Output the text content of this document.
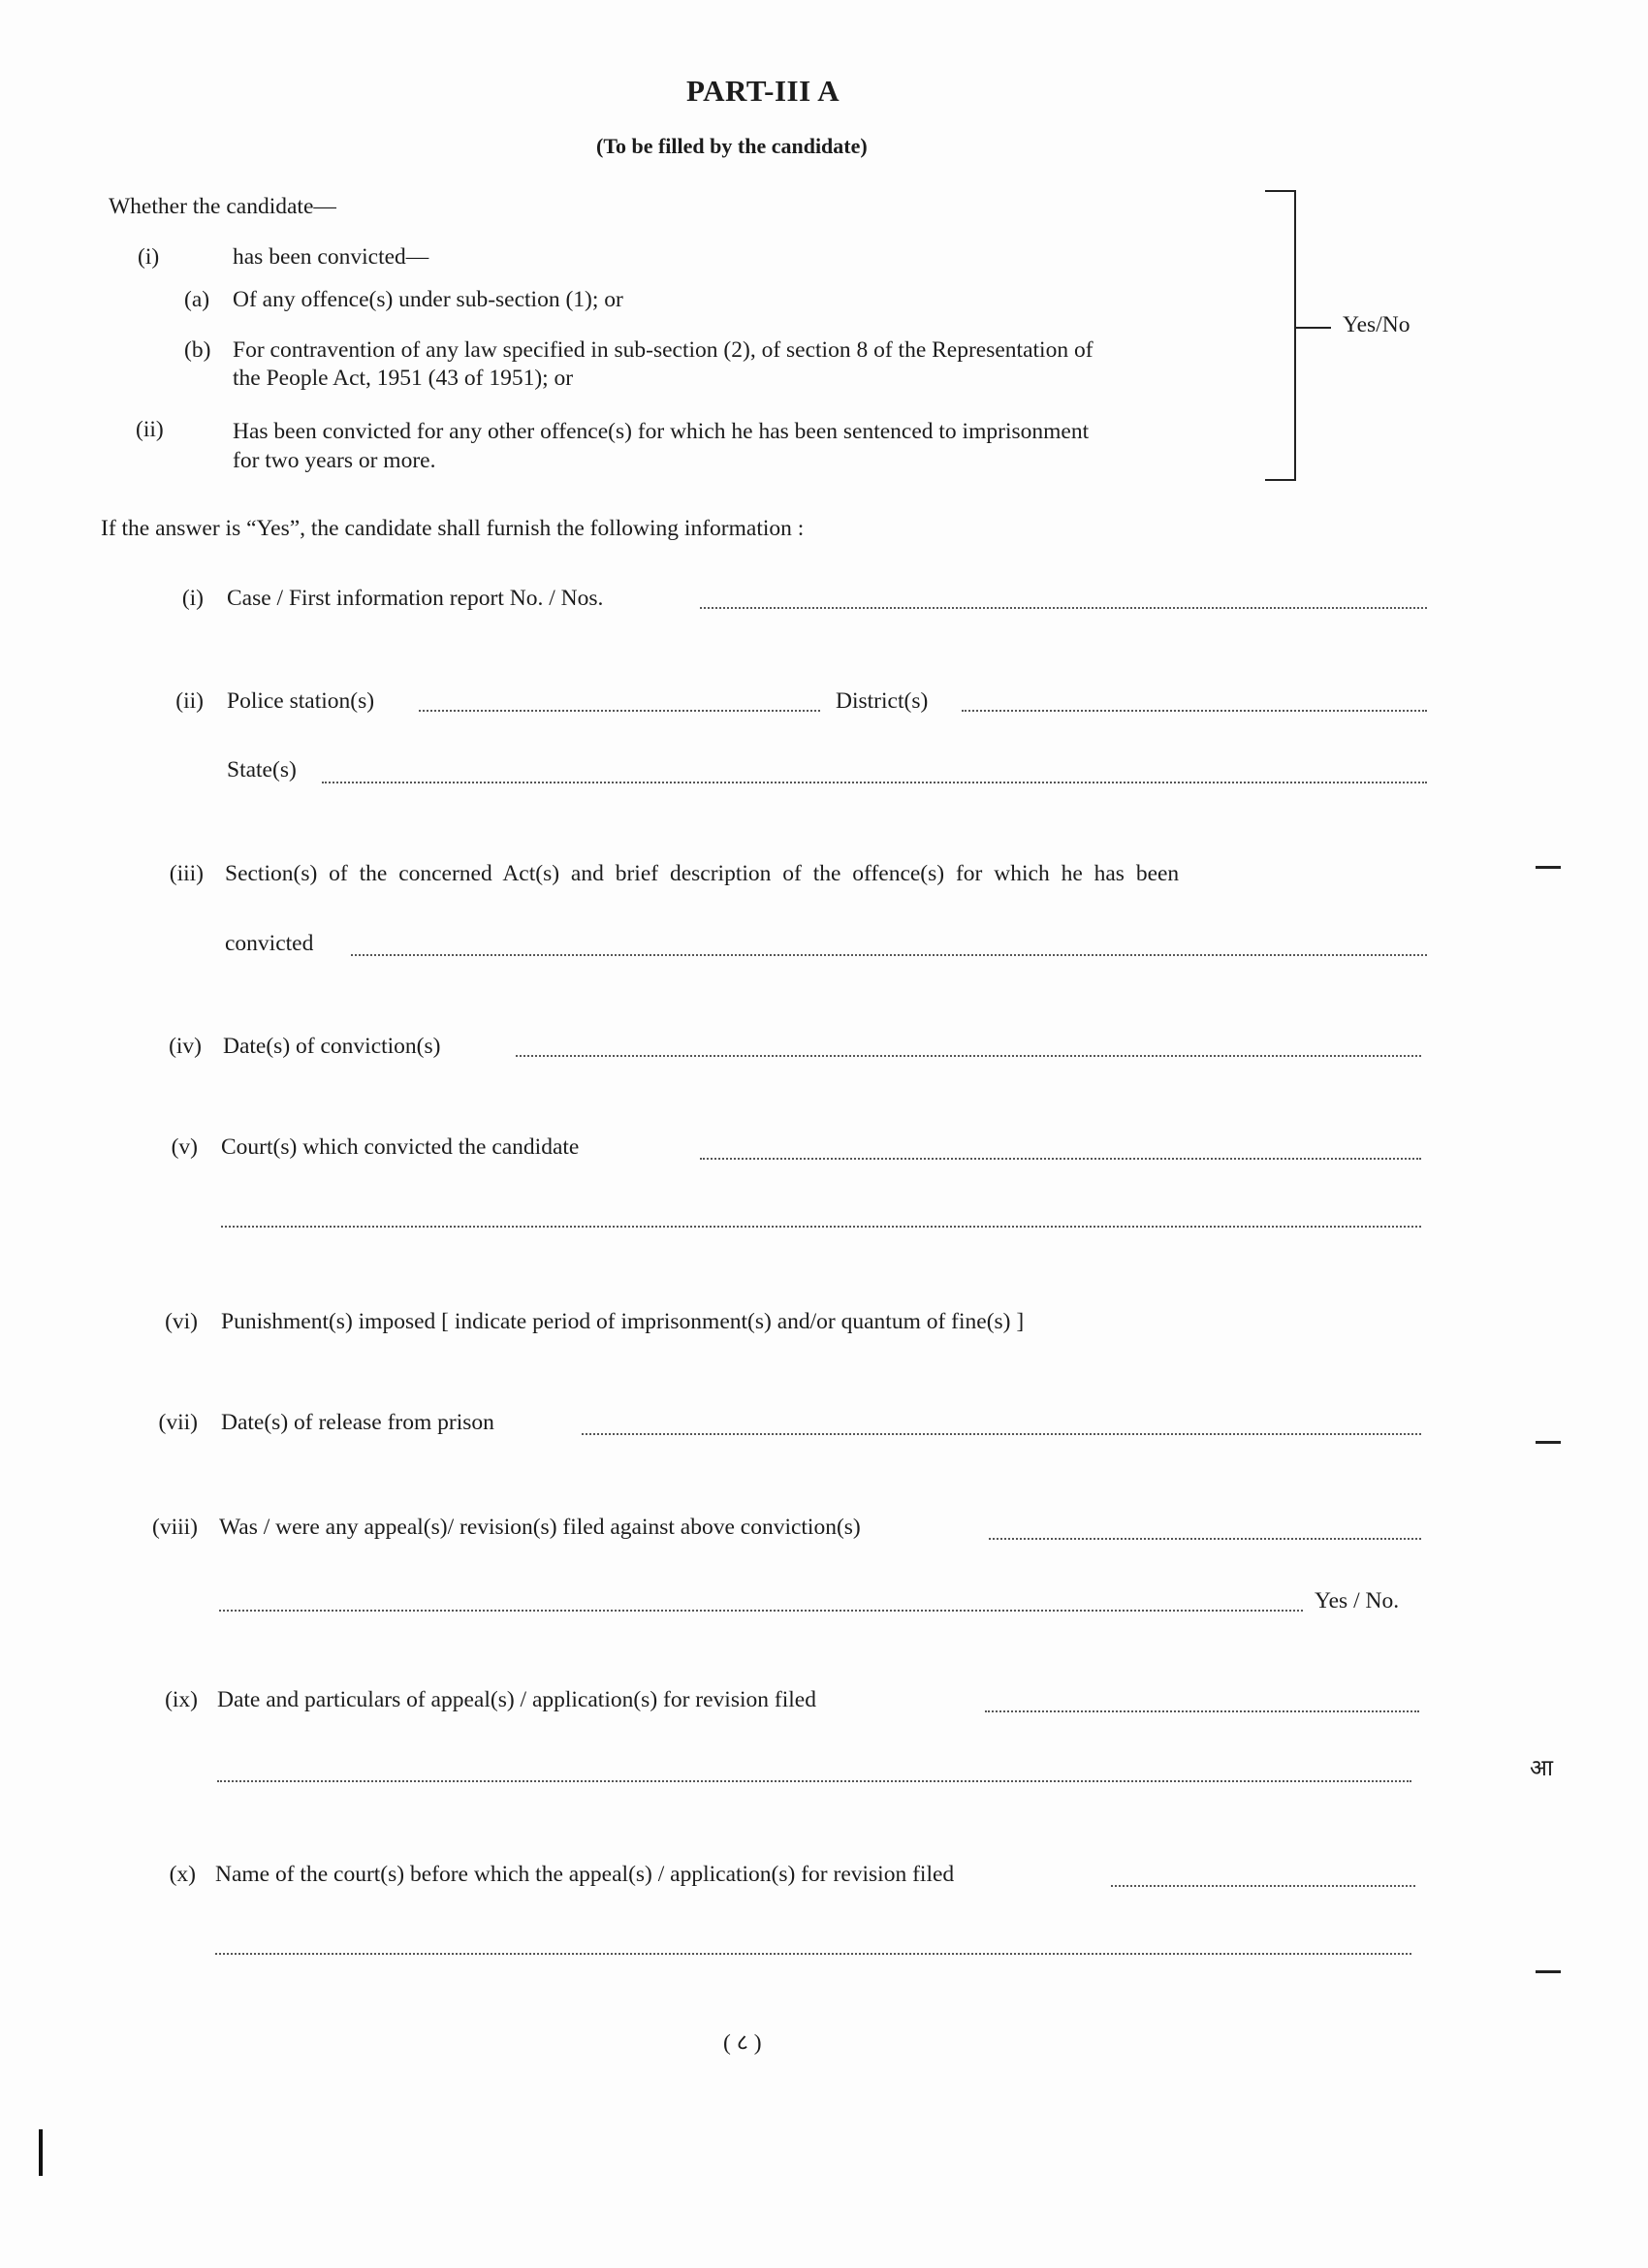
PART-III A
(To be filled by the candidate)
Whether the candidate—
(i)	has been convicted—
(a) Of any offence(s) under sub-section (1); or
(b) For contravention of any law specified in sub-section (2), of section 8 of the Representation of
the People Act, 1951 (43 of 1951); or
(ii)	Has been convicted for any other offence(s) for which he has been sentenced to imprisonment
for two years or more.
Yes/No
If the answer is “Yes”, the candidate shall furnish the following information :
(i) Case / First information report No. / Nos.
(ii) Police station(s)	District(s)
State(s)
(iii) Section(s) of the concerned Act(s) and brief description of the offence(s) for which he has been
convicted
(iv) Date(s) of conviction(s)
(v) Court(s) which convicted the candidate
(vi) Punishment(s) imposed [ indicate period of imprisonment(s) and/or quantum of fine(s) ]
(vii) Date(s) of release from prison
(viii) Was / were any appeal(s)/ revision(s) filed against above conviction(s)
Yes / No.
(ix) Date and particulars of appeal(s) / application(s) for revision filed
(x) Name of the court(s) before which the appeal(s) / application(s) for revision filed
( ८ )
आ
